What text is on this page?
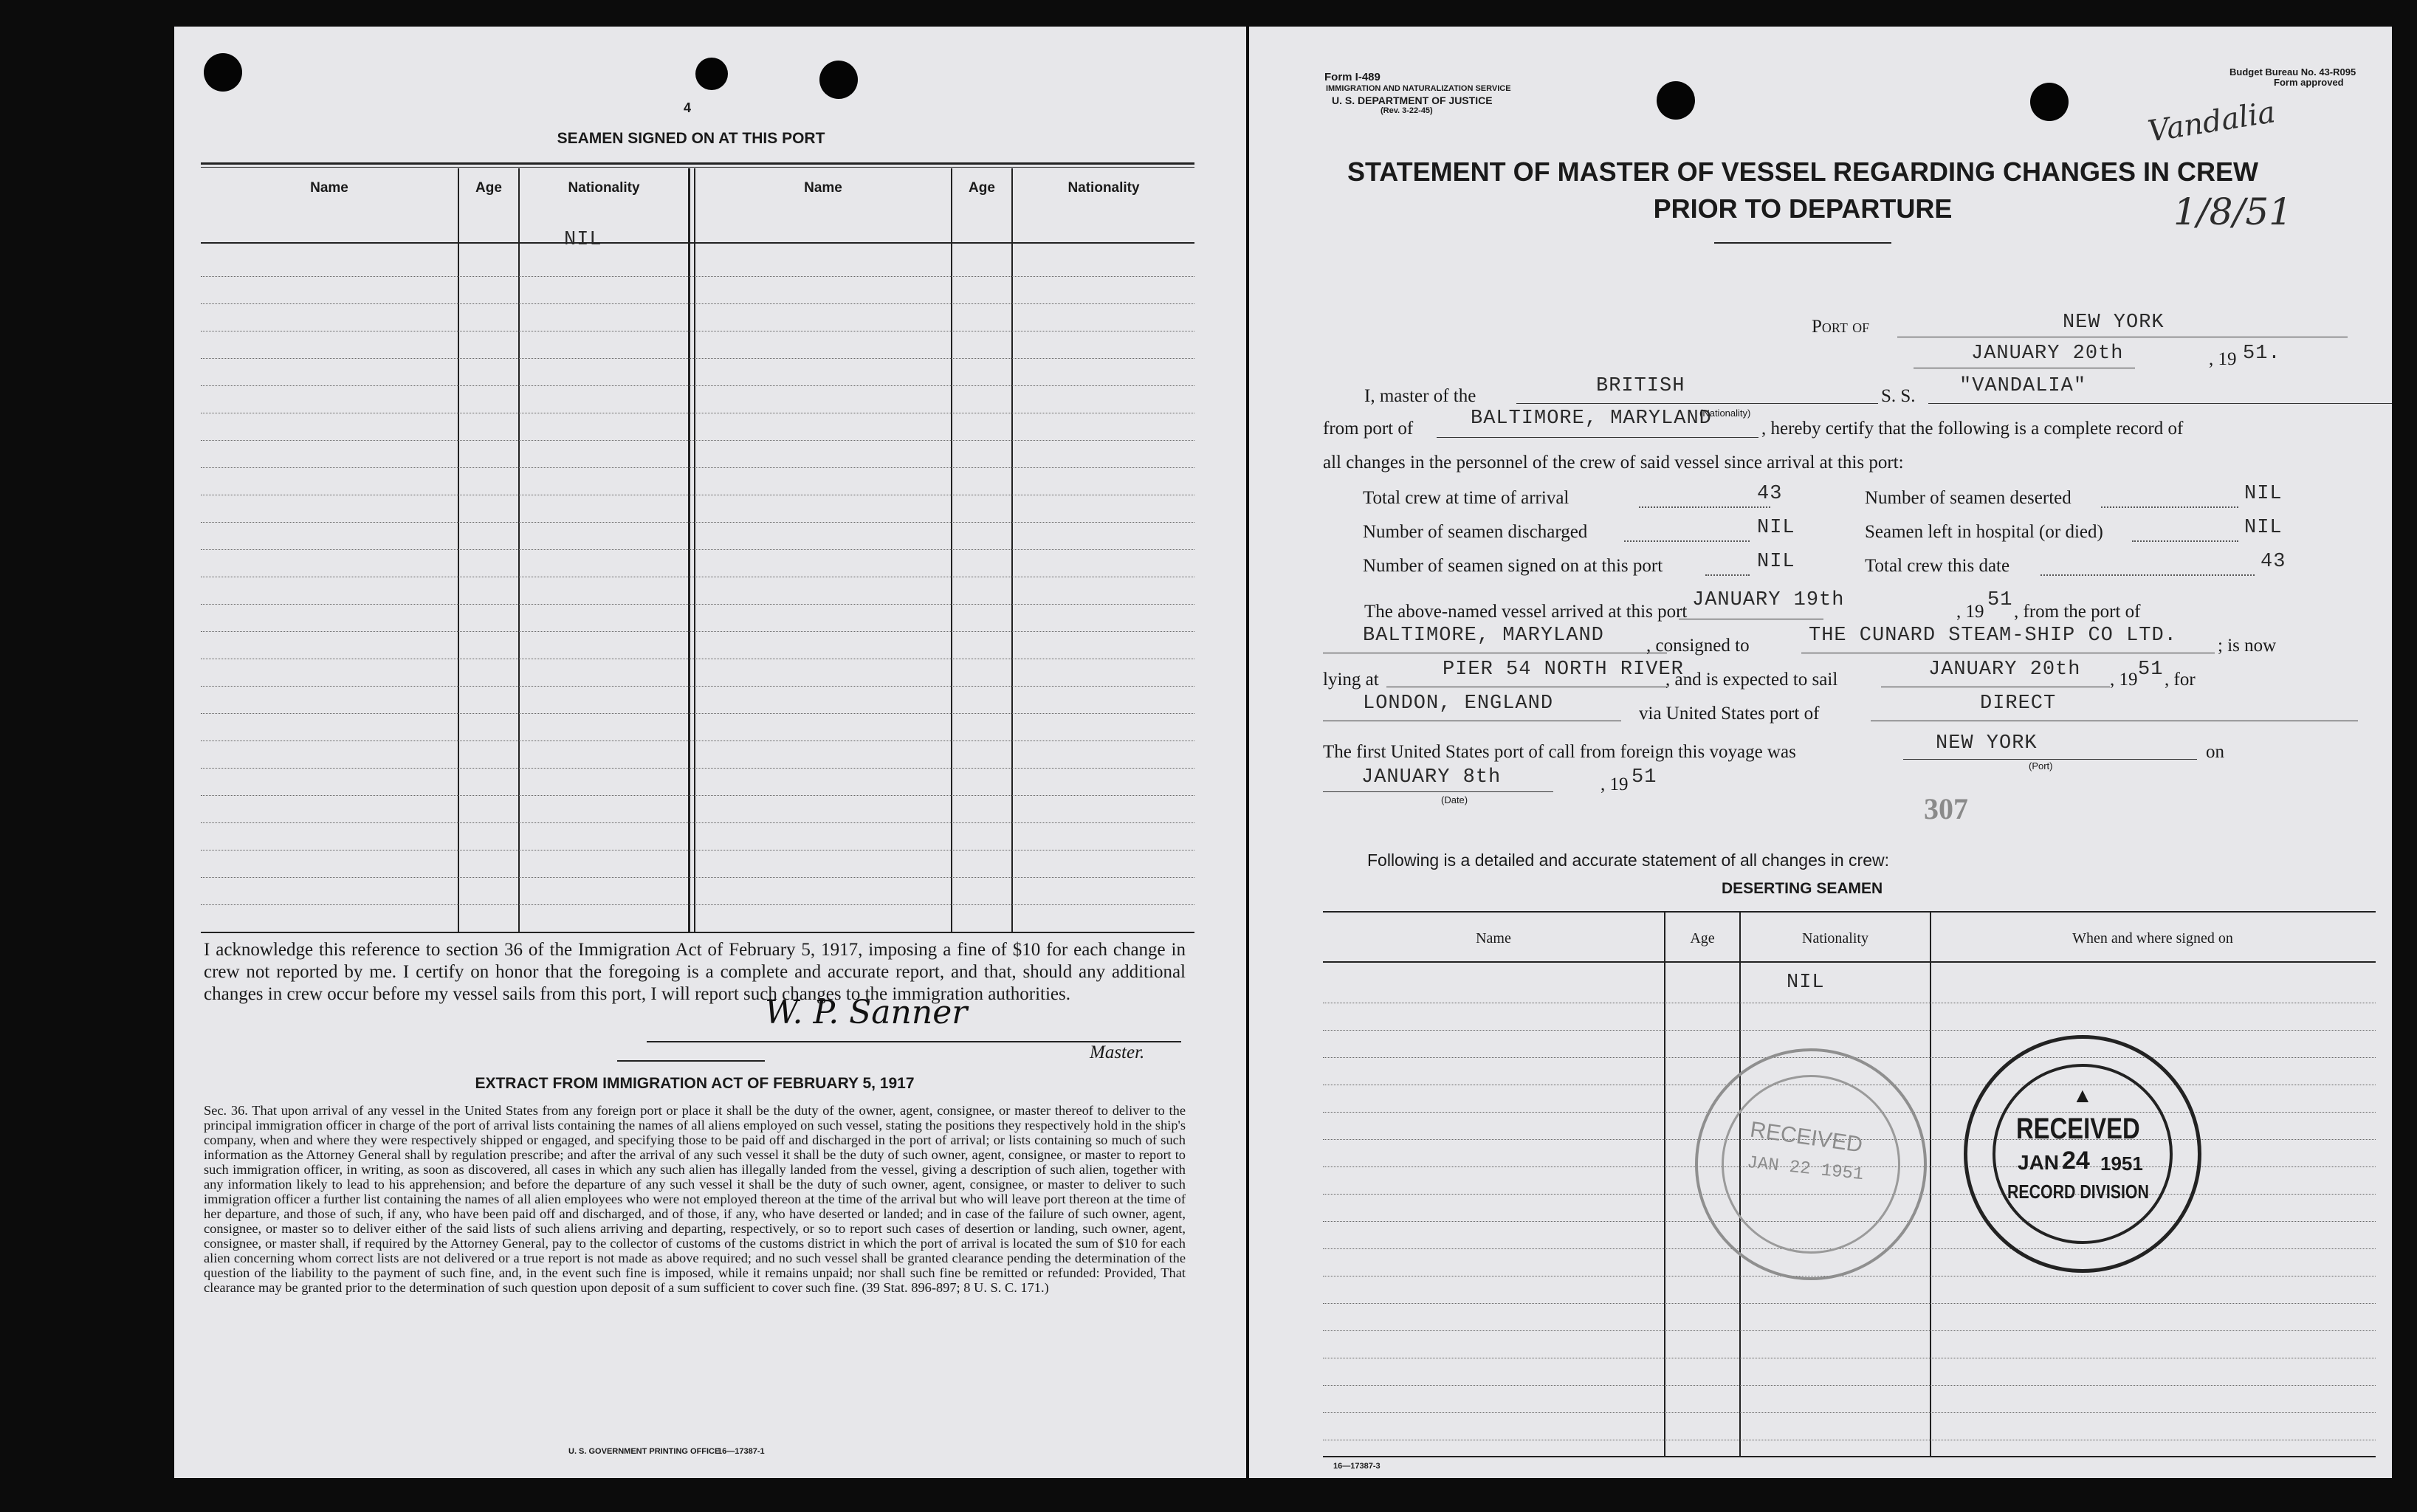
4
SEAMEN SIGNED ON AT THIS PORT
Name	Age	Nationality	Name	Age	Nationality
NIL
I acknowledge this reference to section 36 of the Immigration Act of February 5, 1917, imposing a fine of $10 for each change in crew not reported by me. I certify on honor that the foregoing is a complete and accurate report, and that, should any additional changes in crew occur before my vessel sails from this port, I will report such changes to the immigration authorities.
W. P. Sanner
Master.
EXTRACT FROM IMMIGRATION ACT OF FEBRUARY 5, 1917
Sec. 36. That upon arrival of any vessel in the United States from any foreign port or place it shall be the duty of the owner, agent, consignee, or master thereof to deliver to the principal immigration officer in charge of the port of arrival lists containing the names of all aliens employed on such vessel, stating the positions they respectively hold in the ship's company, when and where they were respectively shipped or engaged, and specifying those to be paid off and discharged in the port of arrival; or lists containing so much of such information as the Attorney General shall by regulation prescribe; and after the arrival of any such vessel it shall be the duty of such owner, agent, consignee, or master to report to such immigration officer, in writing, as soon as discovered, all cases in which any such alien has illegally landed from the vessel, giving a description of such alien, together with any information likely to lead to his apprehension; and before the departure of any such vessel it shall be the duty of such owner, agent, consignee, or master to deliver to such immigration officer a further list containing the names of all alien employees who were not employed thereon at the time of the arrival but who will leave port thereon at the time of her departure, and those of such, if any, who have been paid off and discharged, and of those, if any, who have deserted or landed; and in case of the failure of such owner, agent, consignee, or master so to deliver either of the said lists of such aliens arriving and departing, respectively, or so to report such cases of desertion or landing, such owner, agent, consignee, or master shall, if required by the Attorney General, pay to the collector of customs of the customs district in which the port of arrival is located the sum of $10 for each alien concerning whom correct lists are not delivered or a true report is not made as above required; and no such vessel shall be granted clearance pending the determination of the question of the liability to the payment of such fine, and, in the event such fine is imposed, while it remains unpaid; nor shall such fine be remitted or refunded: Provided, That clearance may be granted prior to the determination of such question upon deposit of a sum sufficient to cover such fine. (39 Stat. 896-897; 8 U. S. C. 171.)
U. S. GOVERNMENT PRINTING OFFICE
16—17387-1
Form I-489
IMMIGRATION AND NATURALIZATION SERVICE
U. S. DEPARTMENT OF JUSTICE
(Rev. 3-22-45)
Budget Bureau No. 43-R095
Form approved
Vandalia
1/8/51
STATEMENT OF MASTER OF VESSEL REGARDING CHANGES IN CREW
PRIOR TO DEPARTURE
Port of	NEW YORK
JANUARY 20th	, 19 51.
I, master of the	BRITISH	S. S. "VANDALIA"
(Nationality)
from port of	BALTIMORE, MARYLAND	, hereby certify that the following is a complete record of
all changes in the personnel of the crew of said vessel since arrival at this port:
Total crew at time of arrival	43	Number of seamen deserted	NIL
Number of seamen discharged	NIL	Seamen left in hospital (or died)	NIL
Number of seamen signed on at this port	NIL	Total crew this date	43
The above-named vessel arrived at this port
JANUARY 19th
, 19
51
, from the port of
BALTIMORE, MARYLAND , consigned to	THE CUNARD STEAM-SHIP CO LTD. ; is now
lying at	PIER 54 NORTH RIVER
, and is expected to sail	JANUARY 20th , 19 51 , for
LONDON, ENGLAND	via United States port of	DIRECT
The first United States port of call from foreign this voyage was	NEW YORK	on
(Port)
JANUARY 8th	, 19 51
(Date)	307
Following is a detailed and accurate statement of all changes in crew:
DESERTING SEAMEN
Name	Age	Nationality	When and where signed on
NIL
16—17387-3
RECEIVED
JAN 22 1951
▲
RECEIVED
JAN 24 1951
RECORD DIVISION
